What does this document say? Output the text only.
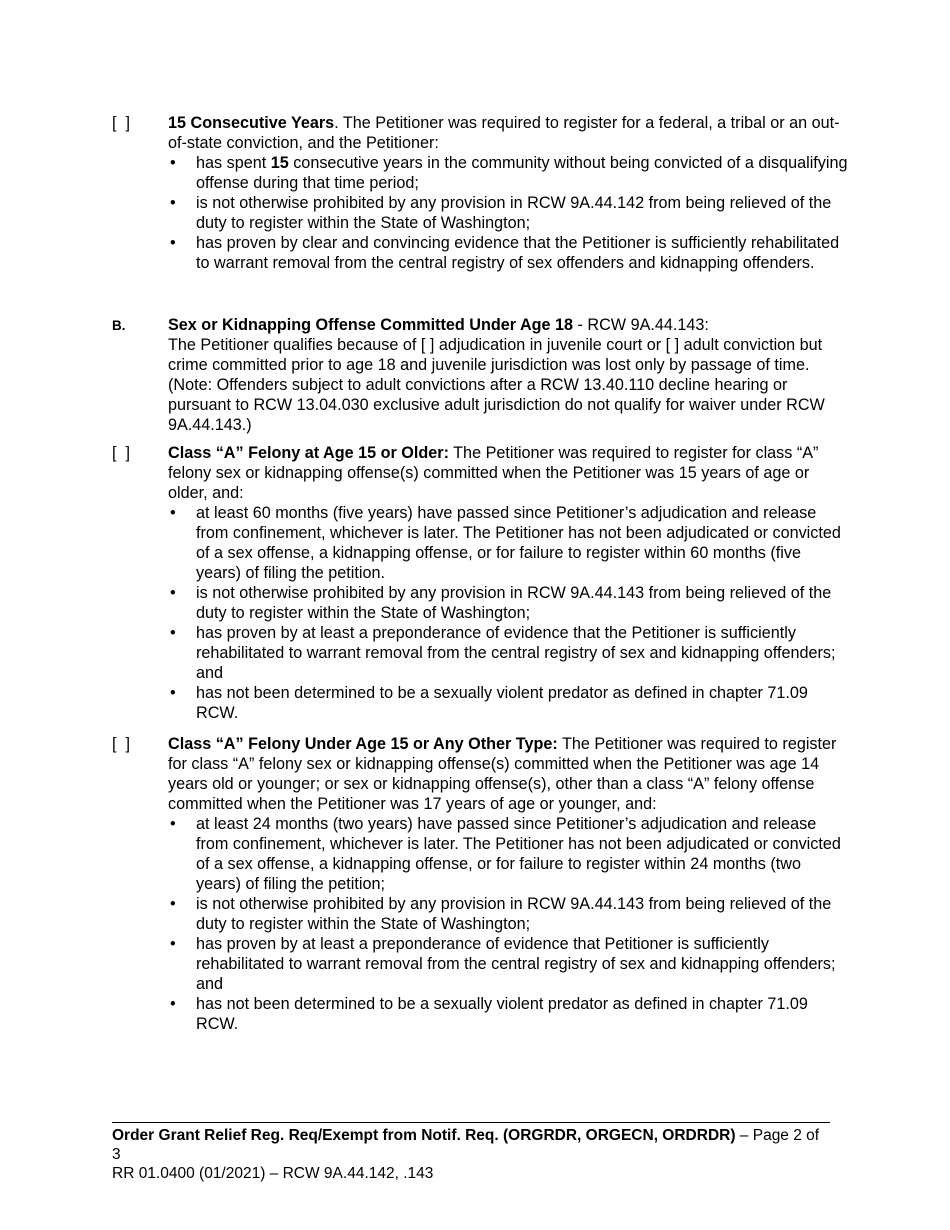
[  ]	15 Consecutive Years. The Petitioner was required to register for a federal, a tribal or an out-of-state conviction, and the Petitioner:

• has spent 15 consecutive years in the community without being convicted of a disqualifying offense during that time period;
• is not otherwise prohibited by any provision in RCW 9A.44.142 from being relieved of the duty to register within the State of Washington;
• has proven by clear and convincing evidence that the Petitioner is sufficiently rehabilitated to warrant removal from the central registry of sex offenders and kidnapping offenders.
B.	Sex or Kidnapping Offense Committed Under Age 18 - RCW 9A.44.143:

The Petitioner qualifies because of [ ] adjudication in juvenile court or [ ] adult conviction but crime committed prior to age 18 and juvenile jurisdiction was lost only by passage of time. (Note: Offenders subject to adult convictions after a RCW 13.40.110 decline hearing or pursuant to RCW 13.04.030 exclusive adult jurisdiction do not qualify for waiver under RCW 9A.44.143.)

[  ]	Class “A” Felony at Age 15 or Older: The Petitioner was required to register for class “A” felony sex or kidnapping offense(s) committed when the Petitioner was 15 years of age or older, and:

• at least 60 months (five years) have passed since Petitioner’s adjudication and release from confinement, whichever is later. The Petitioner has not been adjudicated or convicted of a sex offense, a kidnapping offense, or for failure to register within 60 months (five years) of filing the petition.
• is not otherwise prohibited by any provision in RCW 9A.44.143 from being relieved of the duty to register within the State of Washington;
• has proven by at least a preponderance of evidence that the Petitioner is sufficiently rehabilitated to warrant removal from the central registry of sex and kidnapping offenders; and
• has not been determined to be a sexually violent predator as defined in chapter 71.09 RCW.
[  ]	Class “A” Felony Under Age 15 or Any Other Type: The Petitioner was required to register for class “A” felony sex or kidnapping offense(s) committed when the Petitioner was age 14 years old or younger; or sex or kidnapping offense(s), other than a class “A” felony offense committed when the Petitioner was 17 years of age or younger, and:

• at least 24 months (two years) have passed since Petitioner’s adjudication and release from confinement, whichever is later. The Petitioner has not been adjudicated or convicted of a sex offense, a kidnapping offense, or for failure to register within 24 months (two years) of filing the petition;
• is not otherwise prohibited by any provision in RCW 9A.44.143 from being relieved of the duty to register within the State of Washington;
• has proven by at least a preponderance of evidence that Petitioner is sufficiently rehabilitated to warrant removal from the central registry of sex and kidnapping offenders; and
• has not been determined to be a sexually violent predator as defined in chapter 71.09 RCW.

Order Grant Relief Reg. Req/Exempt from Notif. Req. (ORGRDR, ORGECN, ORDRDR) – Page 2 of 3

RR 01.0400 (01/2021) – RCW 9A.44.142, .143
